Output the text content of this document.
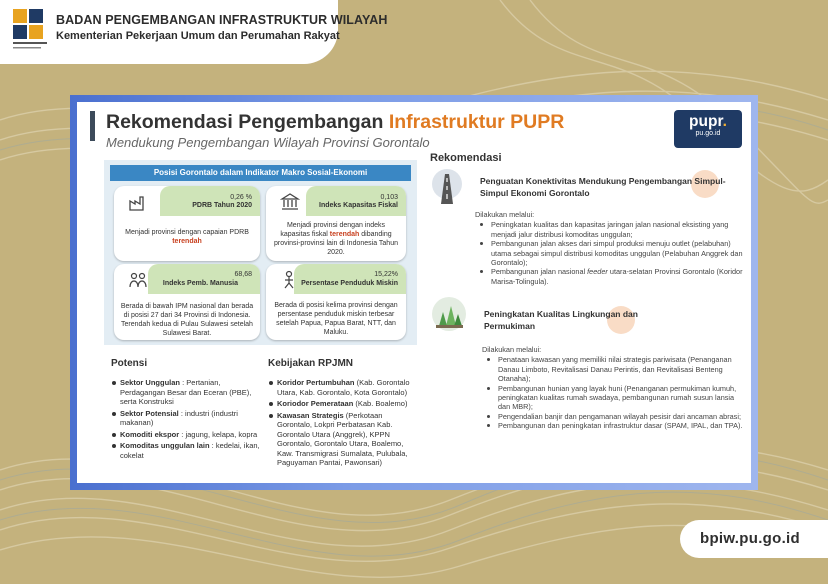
BADAN PENGEMBANGAN INFRASTRUKTUR WILAYAH
Kementerian Pekerjaan Umum dan Perumahan Rakyat
bpiw.pu.go.id
Rekomendasi Pengembangan Infrastruktur PUPR
Mendukung Pengembangan Wilayah Provinsi Gorontalo
pupr.
pu.go.id
Posisi Gorontalo dalam Indikator Makro Sosial-Ekonomi
0,26 %
PDRB Tahun 2020
Menjadi provinsi dengan capaian PDRB
terendah
0,103
Indeks Kapasitas Fiskal
Menjadi provinsi dengan indeks kapasitas fiskal terendah dibanding provinsi-provinsi lain di Indonesia Tahun 2020.
68,68
Indeks Pemb. Manusia
Berada di bawah IPM nasional dan berada di posisi 27 dari 34 Provinsi di Indonesia. Terendah kedua di Pulau Sulawesi setelah Sulawesi Barat.
15,22%
Persentase Penduduk Miskin
Berada di posisi kelima provinsi dengan persentase penduduk miskin terbesar setelah Papua, Papua Barat, NTT, dan Maluku.
Potensi
Sektor Unggulan : Pertanian, Perdagangan Besar dan Eceran (PBE), serta Konstruksi
Sektor Potensial : industri (industri makanan)
Komoditi ekspor : jagung, kelapa, kopra
Komoditas unggulan lain : kedelai, ikan, cokelat
Kebijakan RPJMN
Koridor Pertumbuhan (Kab. Gorontalo Utara, Kab. Gorontalo, Kota Gorontalo)
Koriodor Pemerataan (Kab. Boalemo)
Kawasan Strategis (Perkotaan Gorontalo, Lokpri Perbatasan Kab. Gorontalo Utara (Anggrek), KPPN Gorontalo, Gorontalo Utara, Boalemo, Kaw. Transmigrasi Sumalata, Pulubala, Paguyaman Pantai, Pawonsari)
Rekomendasi
Penguatan Konektivitas Mendukung Pengembangan Simpul-Simpul Ekonomi Gorontalo
Dilakukan melalui:
Peningkatan kualitas dan kapasitas jaringan jalan nasional eksisting yang menjadi jalur distribusi komoditas unggulan;
Pembangunan jalan akses dari simpul produksi menuju outlet (pelabuhan) utama sebagai simpul distribusi komoditas unggulan (Pelabuhan Anggrek dan Gorontalo);
Pembangunan jalan nasional feeder utara-selatan Provinsi Gorontalo (Koridor Marisa-Tolingula).
Peningkatan Kualitas Lingkungan dan Permukiman
Dilakukan melalui:
Penataan kawasan yang memiliki nilai strategis pariwisata (Penanganan Danau Limboto, Revitalisasi Danau Perintis, dan Revitalisasi Benteng Otanaha);
Pembangunan hunian yang layak huni (Penanganan permukiman kumuh, peningkatan kualitas rumah swadaya, pembangunan rumah susun lansia dan MBR);
Pengendalian banjir dan pengamanan wilayah pesisir dari ancaman abrasi;
Pembangunan dan peningkatan infrastruktur dasar (SPAM, IPAL, dan TPA).
